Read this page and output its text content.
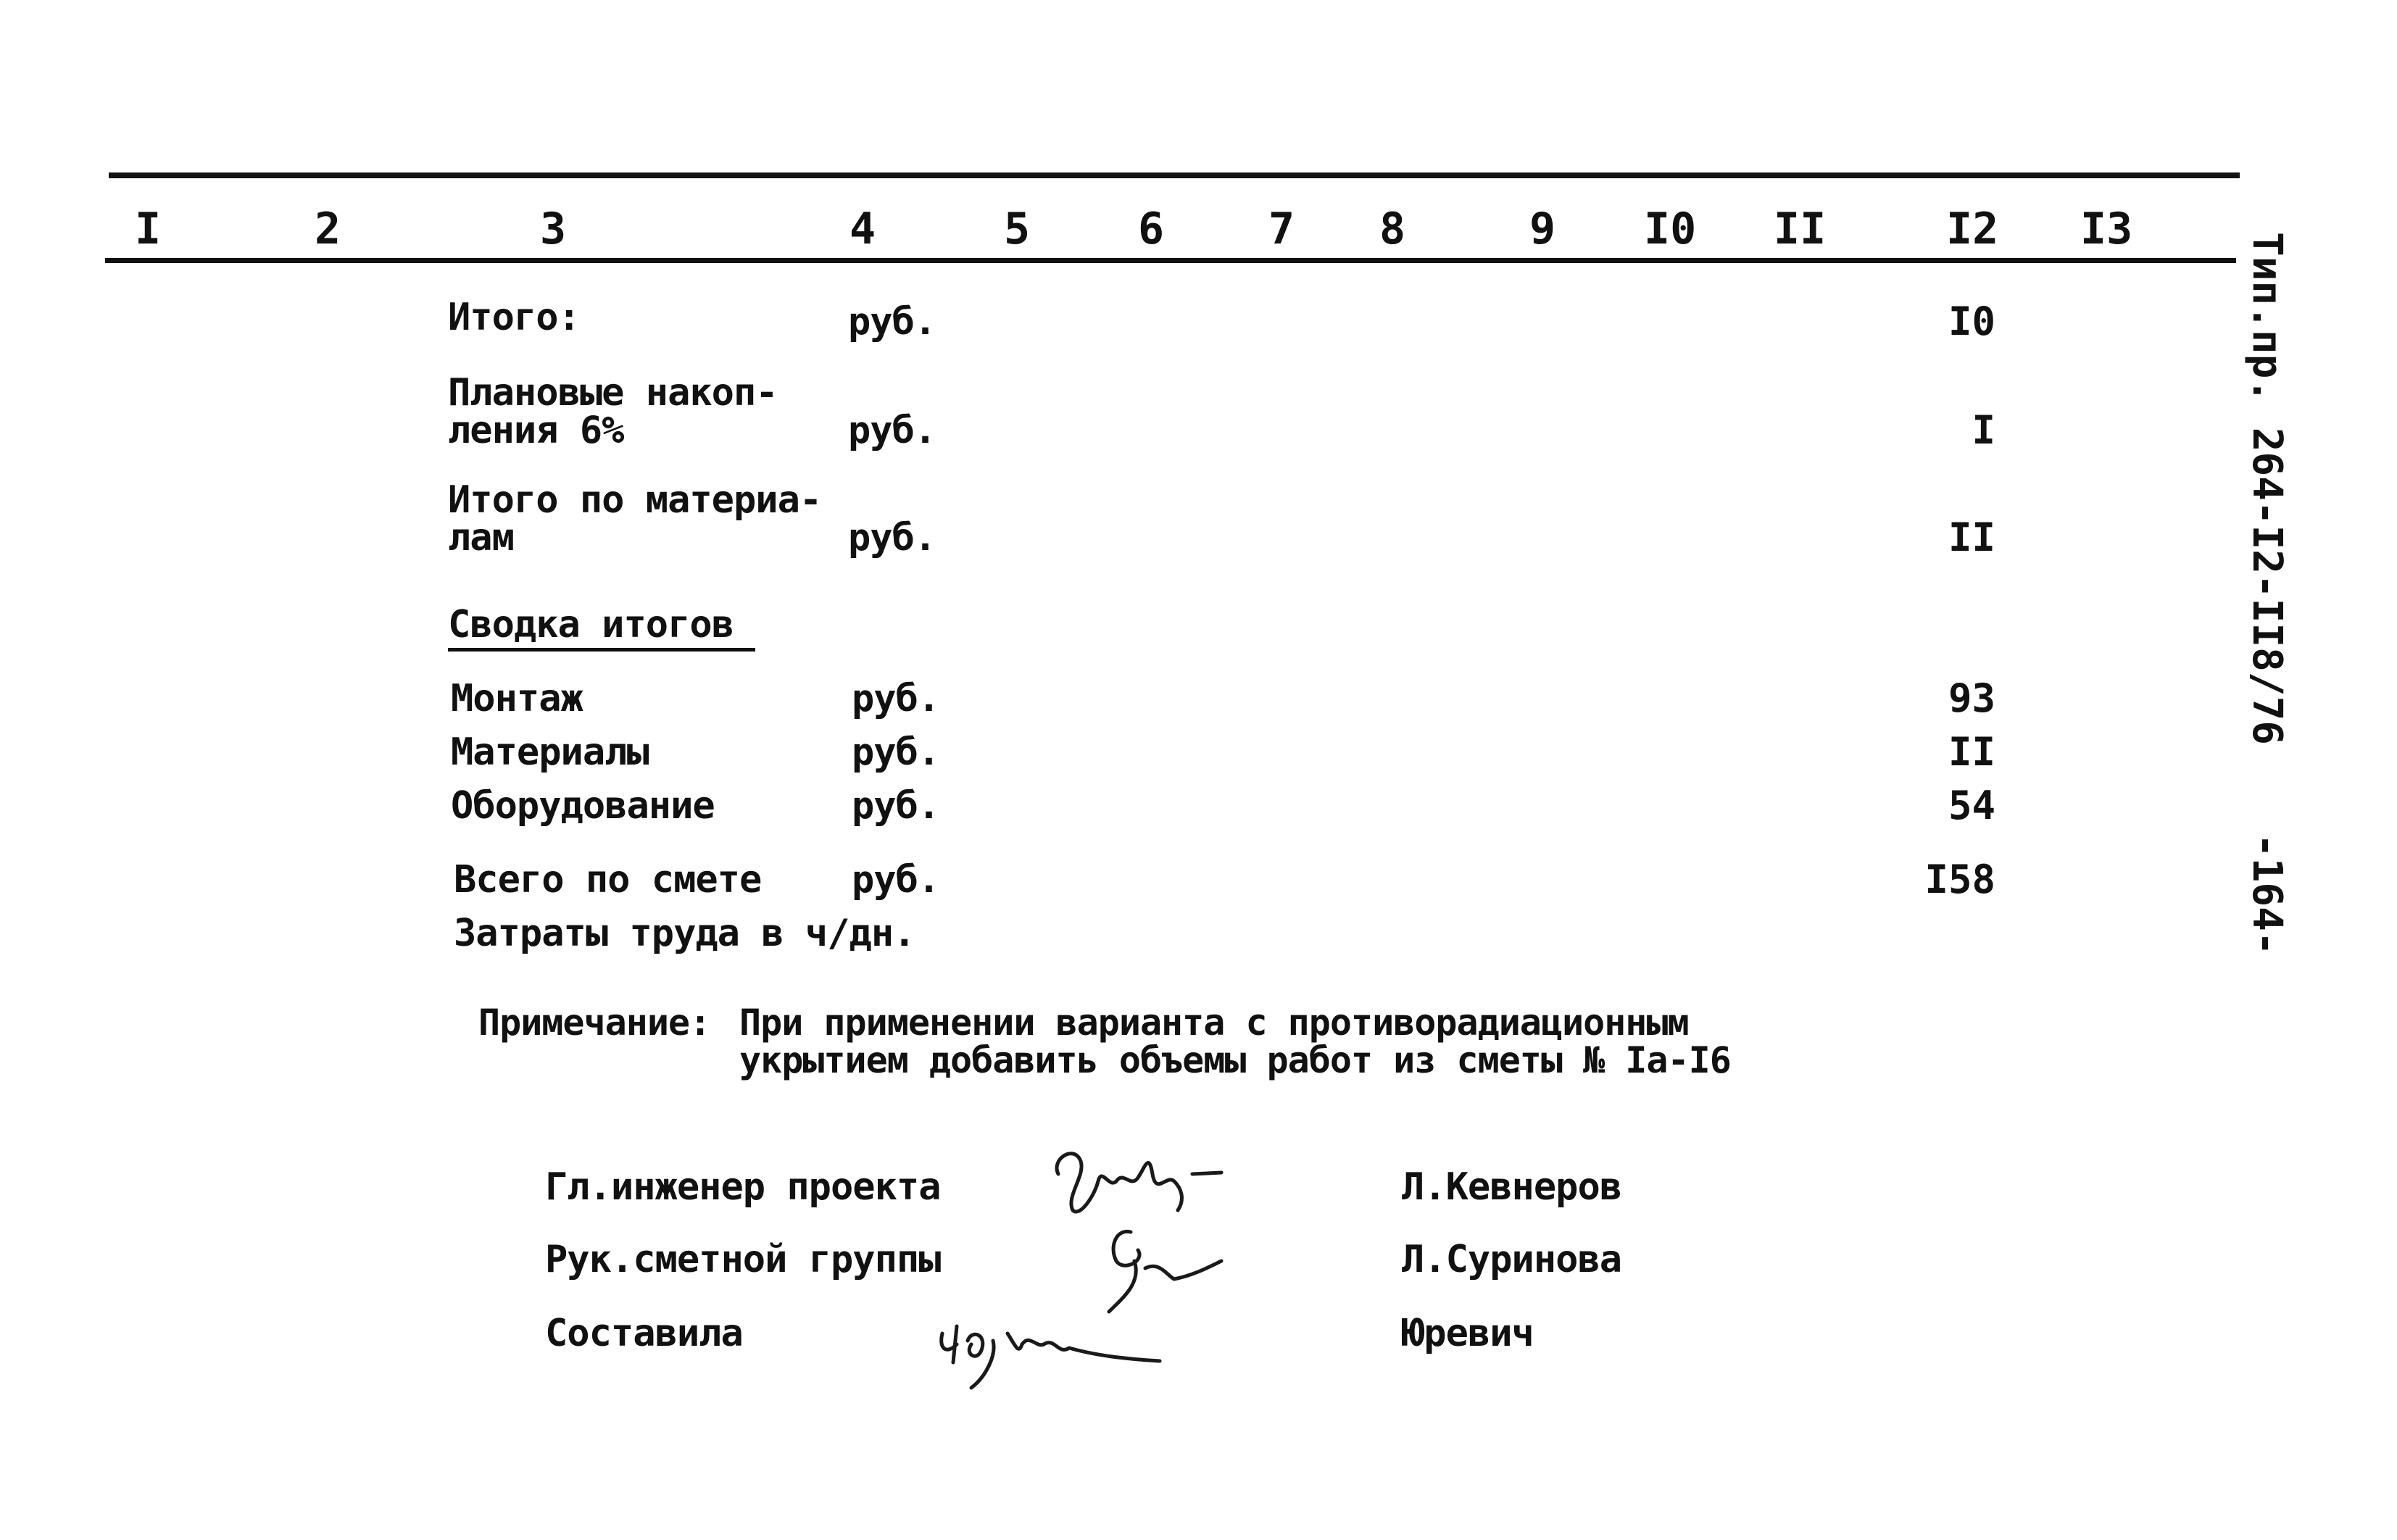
I	2	3	4	5 6 7 8	9 I0 II	I2 I3
Итого:	руб.	I0
Плановые накоп-
ления 6%	руб.	I
Итого по материа-
лам	руб.	II
Сводка итогов
Монтаж	руб.	93
Материалы	руб.	II
Оборудование	руб.	54
Всего по смете руб.	I58
Затраты труда в ч/дн.
Примечание: При применении варианта с противорадиационным
укрытием добавить объемы работ из сметы № Iа-I6
Гл.инженер проекта	Л.Кевнеров
Рук.сметной группы	Л.Суринова
Составила	Юревич
Тип.пр. 264-I2-II8/76
-164-
